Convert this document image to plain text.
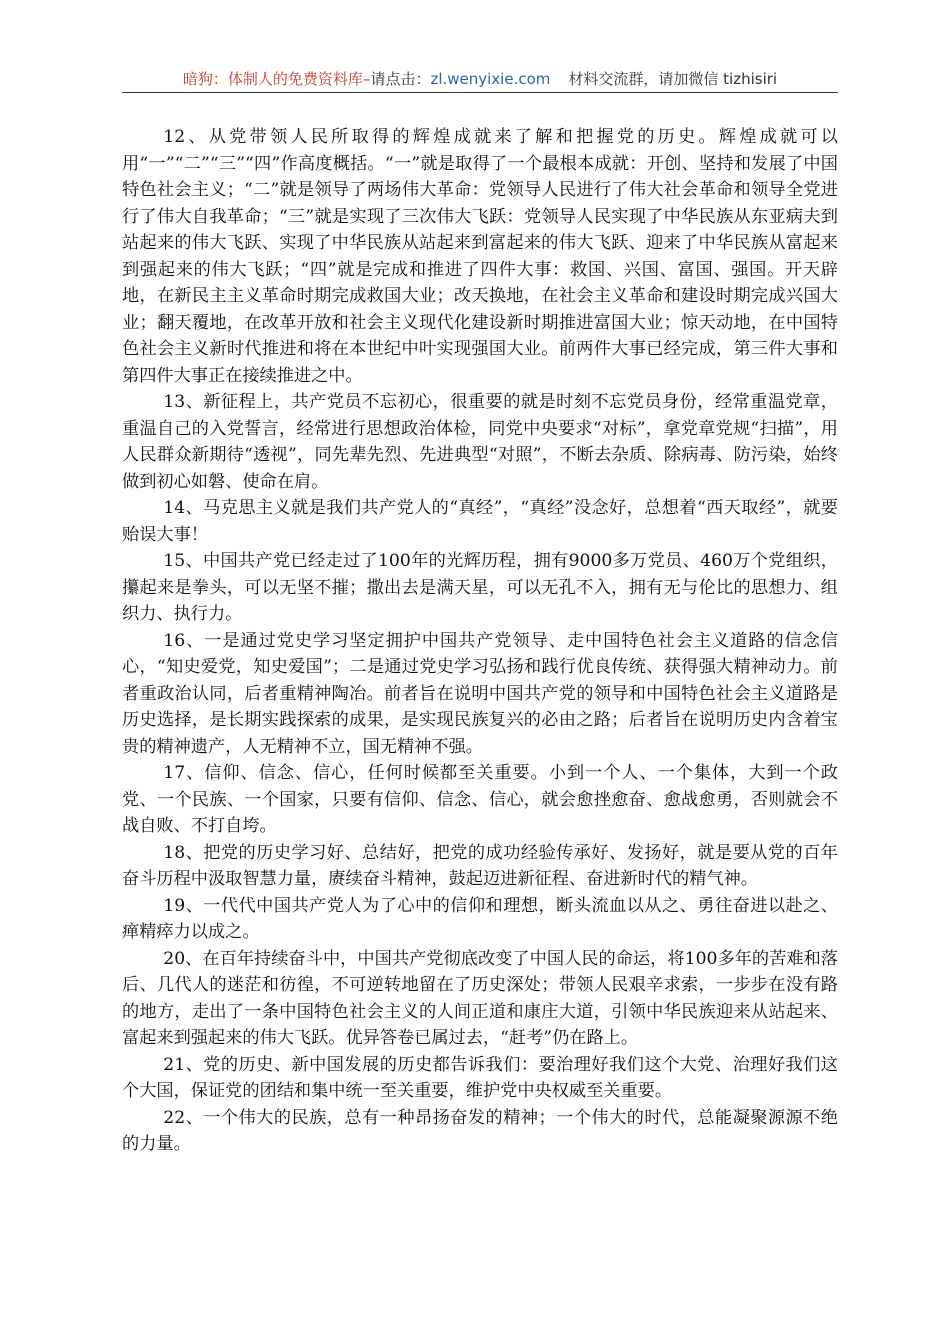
暗狗：体制人的免费资料库–请点击：zl.wenyixie.com 材料交流群，请加微信 tizhisiri

12、从党带领人民所取得的辉煌成就来了解和把握党的历史。辉煌成就可以用“一”“二”“三”“四”作高度概括。“一”就是取得了一个最根本成就：开创、坚持和发展了中国特色社会主义；“二”就是领导了两场伟大革命：党领导人民进行了伟大社会革命和领导全党进行了伟大自我革命；“三”就是实现了三次伟大飞跃：党领导人民实现了中华民族从东亚病夫到站起来的伟大飞跃、实现了中华民族从站起来到富起来的伟大飞跃、迎来了中华民族从富起来到强起来的伟大飞跃；“四”就是完成和推进了四件大事：救国、兴国、富国、强国。开天辟地，在新民主主义革命时期完成救国大业；改天换地，在社会主义革命和建设时期完成兴国大业；翻天覆地，在改革开放和社会主义现代化建设新时期推进富国大业；惊天动地，在中国特色社会主义新时代推进和将在本世纪中叶实现强国大业。前两件大事已经完成，第三件大事和第四件大事正在接续推进之中。

13、新征程上，共产党员不忘初心，很重要的就是时刻不忘党员身份，经常重温党章，重温自己的入党誓言，经常进行思想政治体检，同党中央要求“对标”，拿党章党规“扫描”，用人民群众新期待“透视”，同先辈先烈、先进典型“对照”，不断去杂质、除病毒、防污染，始终做到初心如磐、使命在肩。

14、马克思主义就是我们共产党人的“真经”，“真经”没念好，总想着“西天取经”，就要贻误大事！

15、中国共产党已经走过了100年的光辉历程，拥有9000多万党员、460万个党组织，攥起来是拳头，可以无坚不摧；撒出去是满天星，可以无孔不入，拥有无与伦比的思想力、组织力、执行力。

16、一是通过党史学习坚定拥护中国共产党领导、走中国特色社会主义道路的信念信心，“知史爱党，知史爱国”；二是通过党史学习弘扬和践行优良传统、获得强大精神动力。前者重政治认同，后者重精神陶冶。前者旨在说明中国共产党的领导和中国特色社会主义道路是历史选择，是长期实践探索的成果，是实现民族复兴的必由之路；后者旨在说明历史内含着宝贵的精神遗产，人无精神不立，国无精神不强。

17、信仰、信念、信心，任何时候都至关重要。小到一个人、一个集体，大到一个政党、一个民族、一个国家，只要有信仰、信念、信心，就会愈挫愈奋、愈战愈勇，否则就会不战自败、不打自垮。

18、把党的历史学习好、总结好，把党的成功经验传承好、发扬好，就是要从党的百年奋斗历程中汲取智慧力量，赓续奋斗精神，鼓起迈进新征程、奋进新时代的精气神。

19、一代代中国共产党人为了心中的信仰和理想，断头流血以从之、勇往奋进以赴之、瘅精瘁力以成之。

20、在百年持续奋斗中，中国共产党彻底改变了中国人民的命运，将100多年的苦难和落后、几代人的迷茫和彷徨，不可逆转地留在了历史深处；带领人民艰辛求索，一步步在没有路的地方，走出了一条中国特色社会主义的人间正道和康庄大道，引领中华民族迎来从站起来、富起来到强起来的伟大飞跃。优异答卷已属过去，“赶考”仍在路上。

21、党的历史、新中国发展的历史都告诉我们：要治理好我们这个大党、治理好我们这个大国，保证党的团结和集中统一至关重要，维护党中央权威至关重要。

22、一个伟大的民族，总有一种昂扬奋发的精神；一个伟大的时代，总能凝聚源源不绝的力量。
